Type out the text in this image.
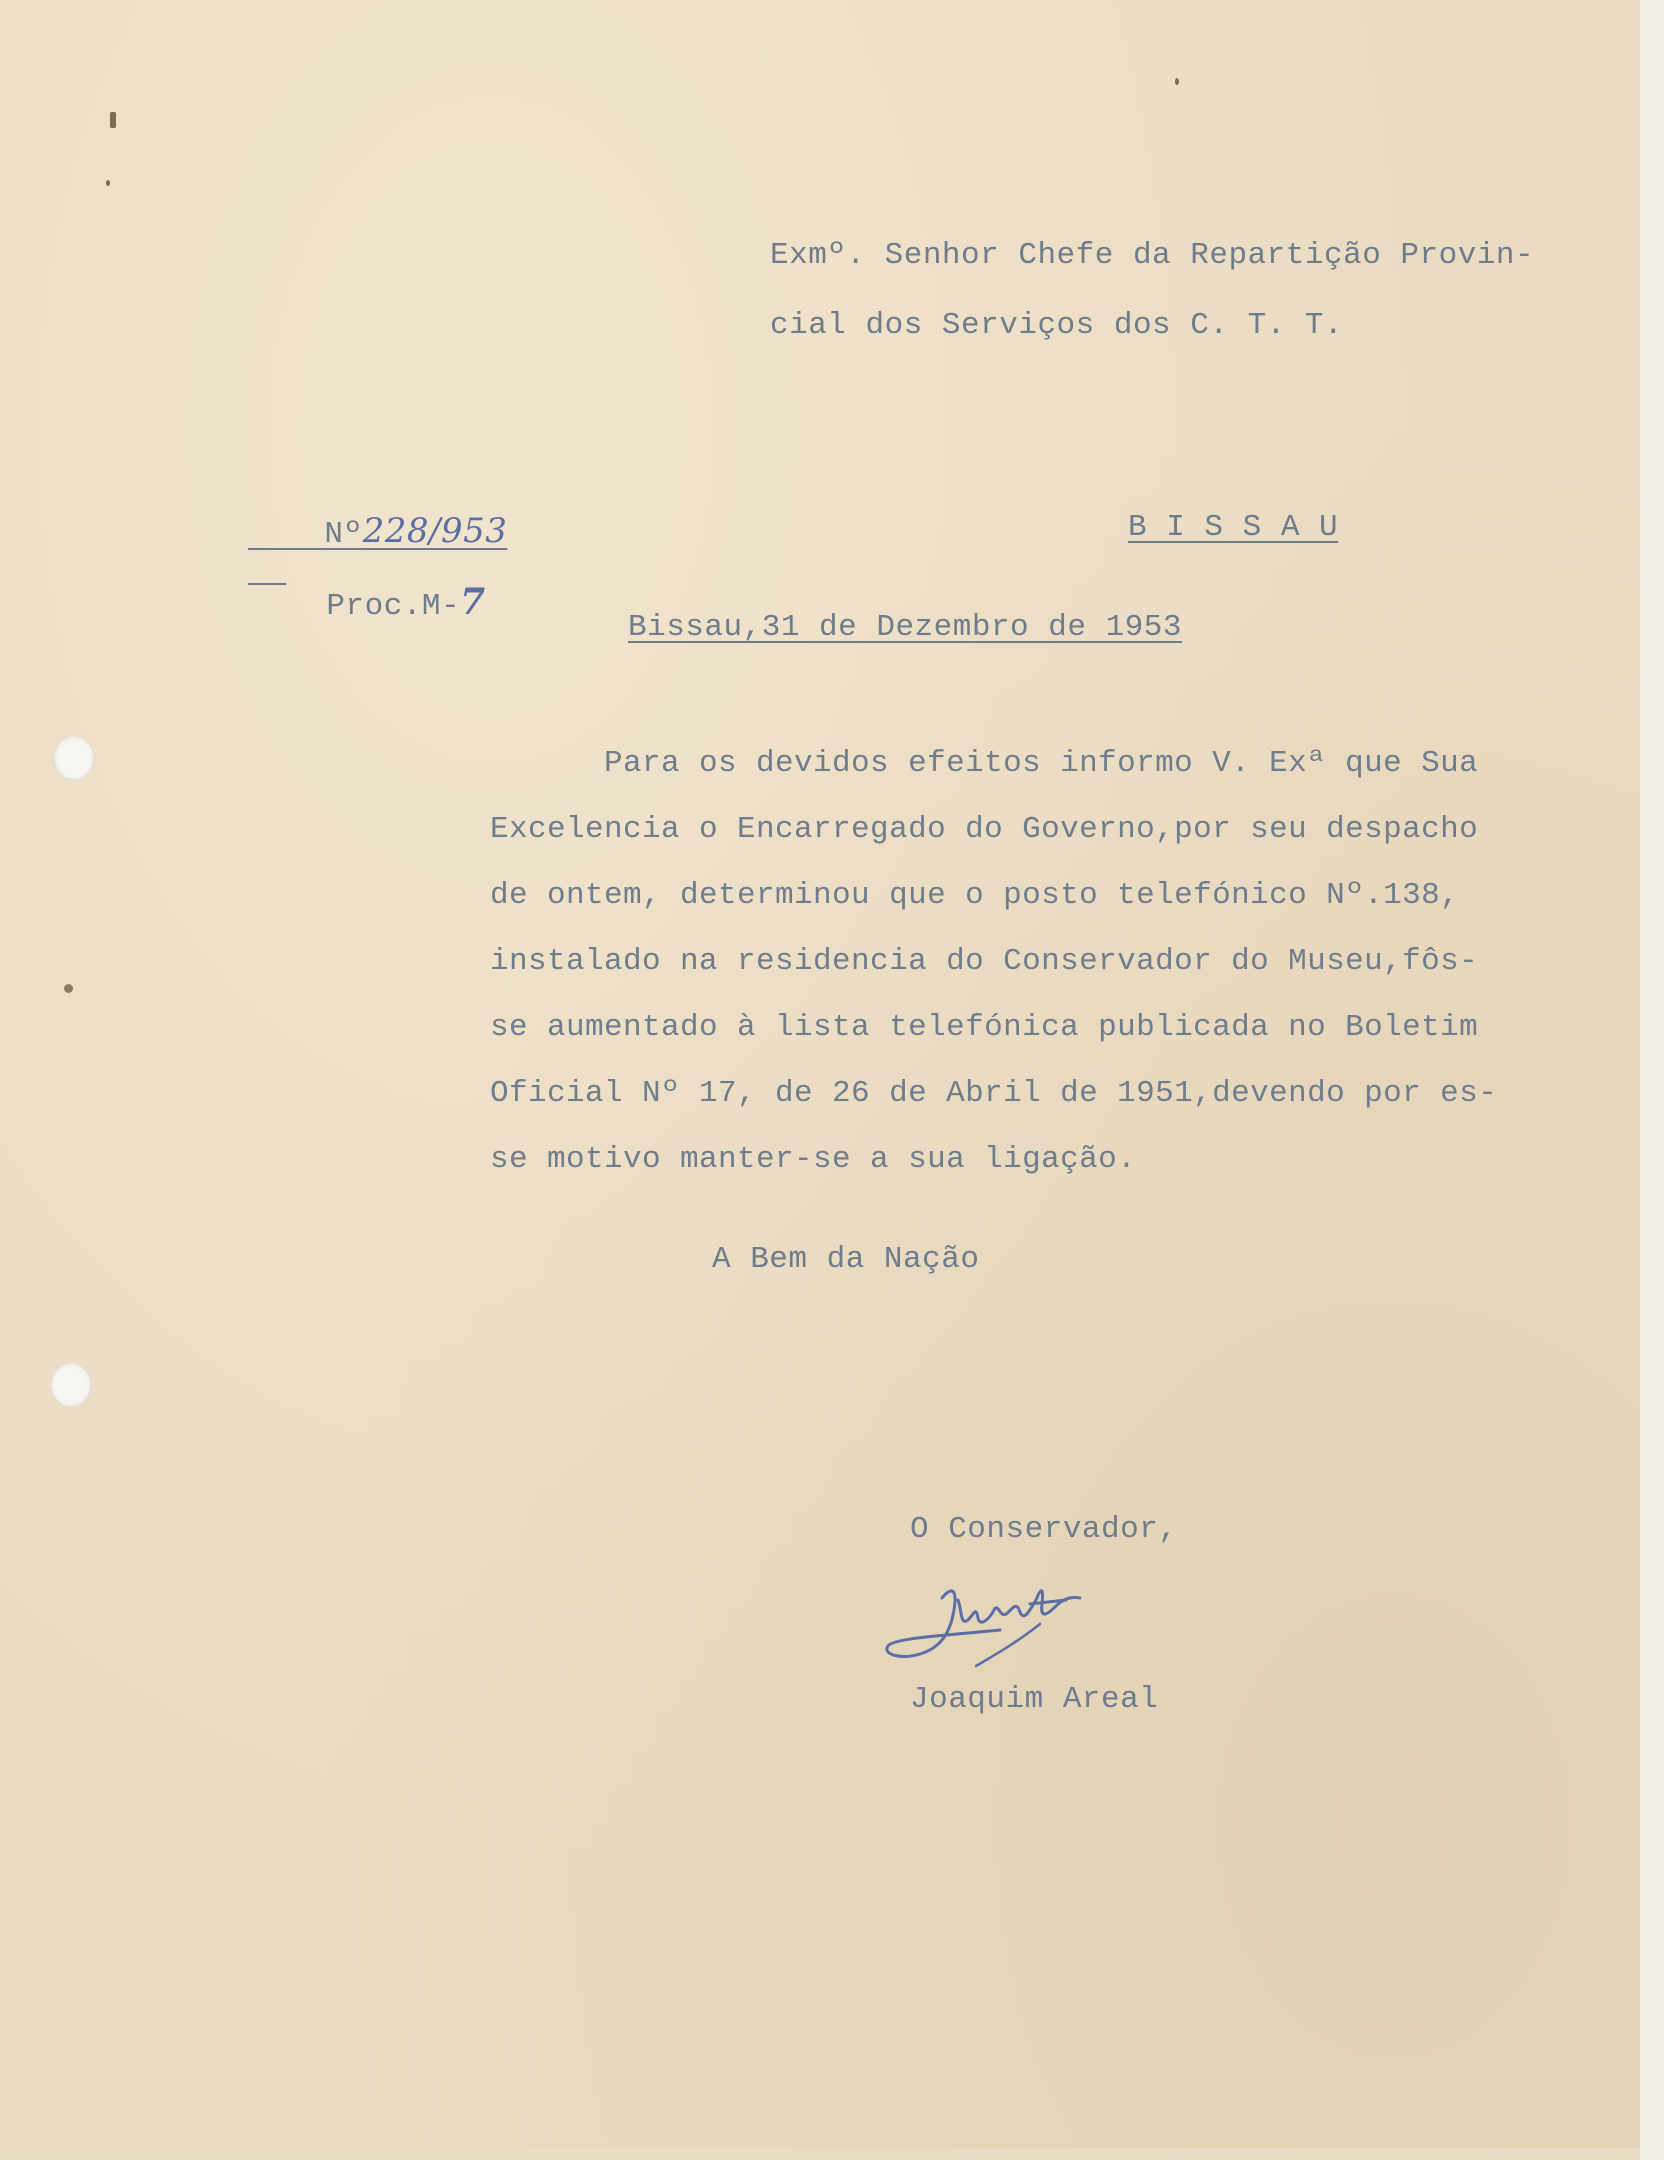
Exmº. Senhor Chefe da Repartição Provin-
cial dos Serviços dos C. T. T.

Nº228/953

Proc.M-7

B I S S A U
Bissau,31 de Dezembro de 1953
Para os devidos efeitos informo V. Exª que Sua
Excelencia o Encarregado do Governo,por seu despacho
de ontem, determinou que o posto telefónico Nº.138,
instalado na residencia do Conservador do Museu,fôs-
se aumentado à lista telefónica publicada no Boletim
Oficial Nº 17, de 26 de Abril de 1951,devendo por es-
se motivo manter-se a sua ligação.
A Bem da Nação
O Conservador,
Joaquim Areal
